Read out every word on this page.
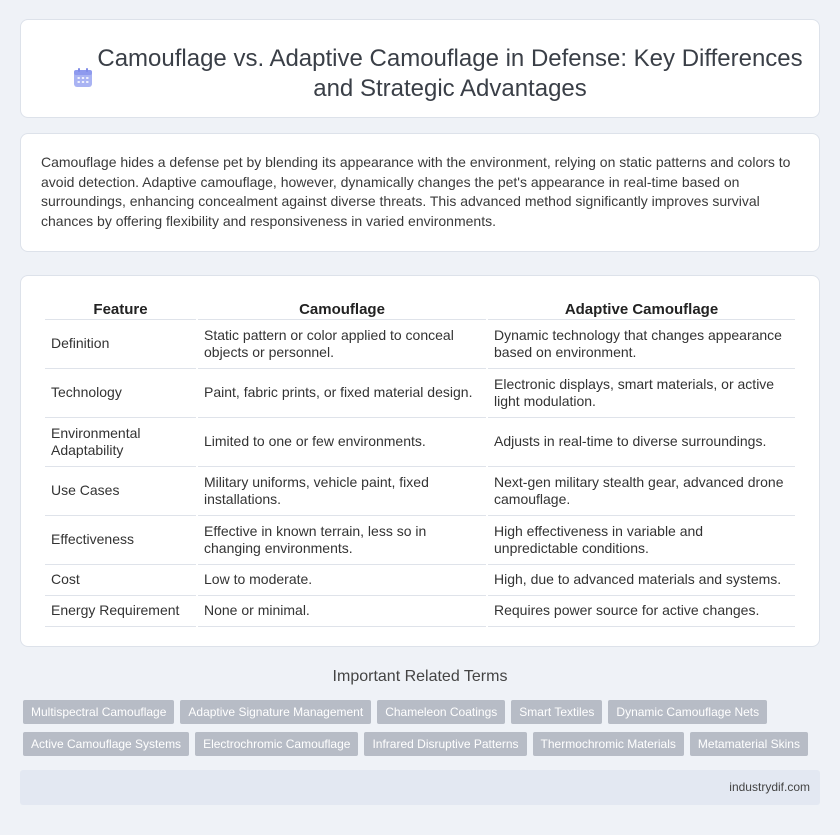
Camouflage vs. Adaptive Camouflage in Defense: Key Differences and Strategic Advantages

Camouflage hides a defense pet by blending its appearance with the environment, relying on static patterns and colors to avoid detection. Adaptive camouflage, however, dynamically changes the pet's appearance in real-time based on surroundings, enhancing concealment against diverse threats. This advanced method significantly improves survival chances by offering flexibility and responsiveness in varied environments.

Feature	Camouflage	Adaptive Camouflage
Definition	Static pattern or color applied to conceal objects or personnel.	Dynamic technology that changes appearance based on environment.
Technology	Paint, fabric prints, or fixed material design.	Electronic displays, smart materials, or active light modulation.
Environmental Adaptability	Limited to one or few environments.	Adjusts in real-time to diverse surroundings.
Use Cases	Military uniforms, vehicle paint, fixed installations.	Next-gen military stealth gear, advanced drone camouflage.
Effectiveness	Effective in known terrain, less so in changing environments.	High effectiveness in variable and unpredictable conditions.
Cost	Low to moderate.	High, due to advanced materials and systems.
Energy Requirement	None or minimal.	Requires power source for active changes.
Important Related Terms
Multispectral Camouflage	Adaptive Signature Management	Chameleon Coatings	Smart Textiles	Dynamic Camouflage Nets
Active Camouflage Systems	Electrochromic Camouflage	Infrared Disruptive Patterns	Thermochromic Materials	Metamaterial Skins
industrydif.com
